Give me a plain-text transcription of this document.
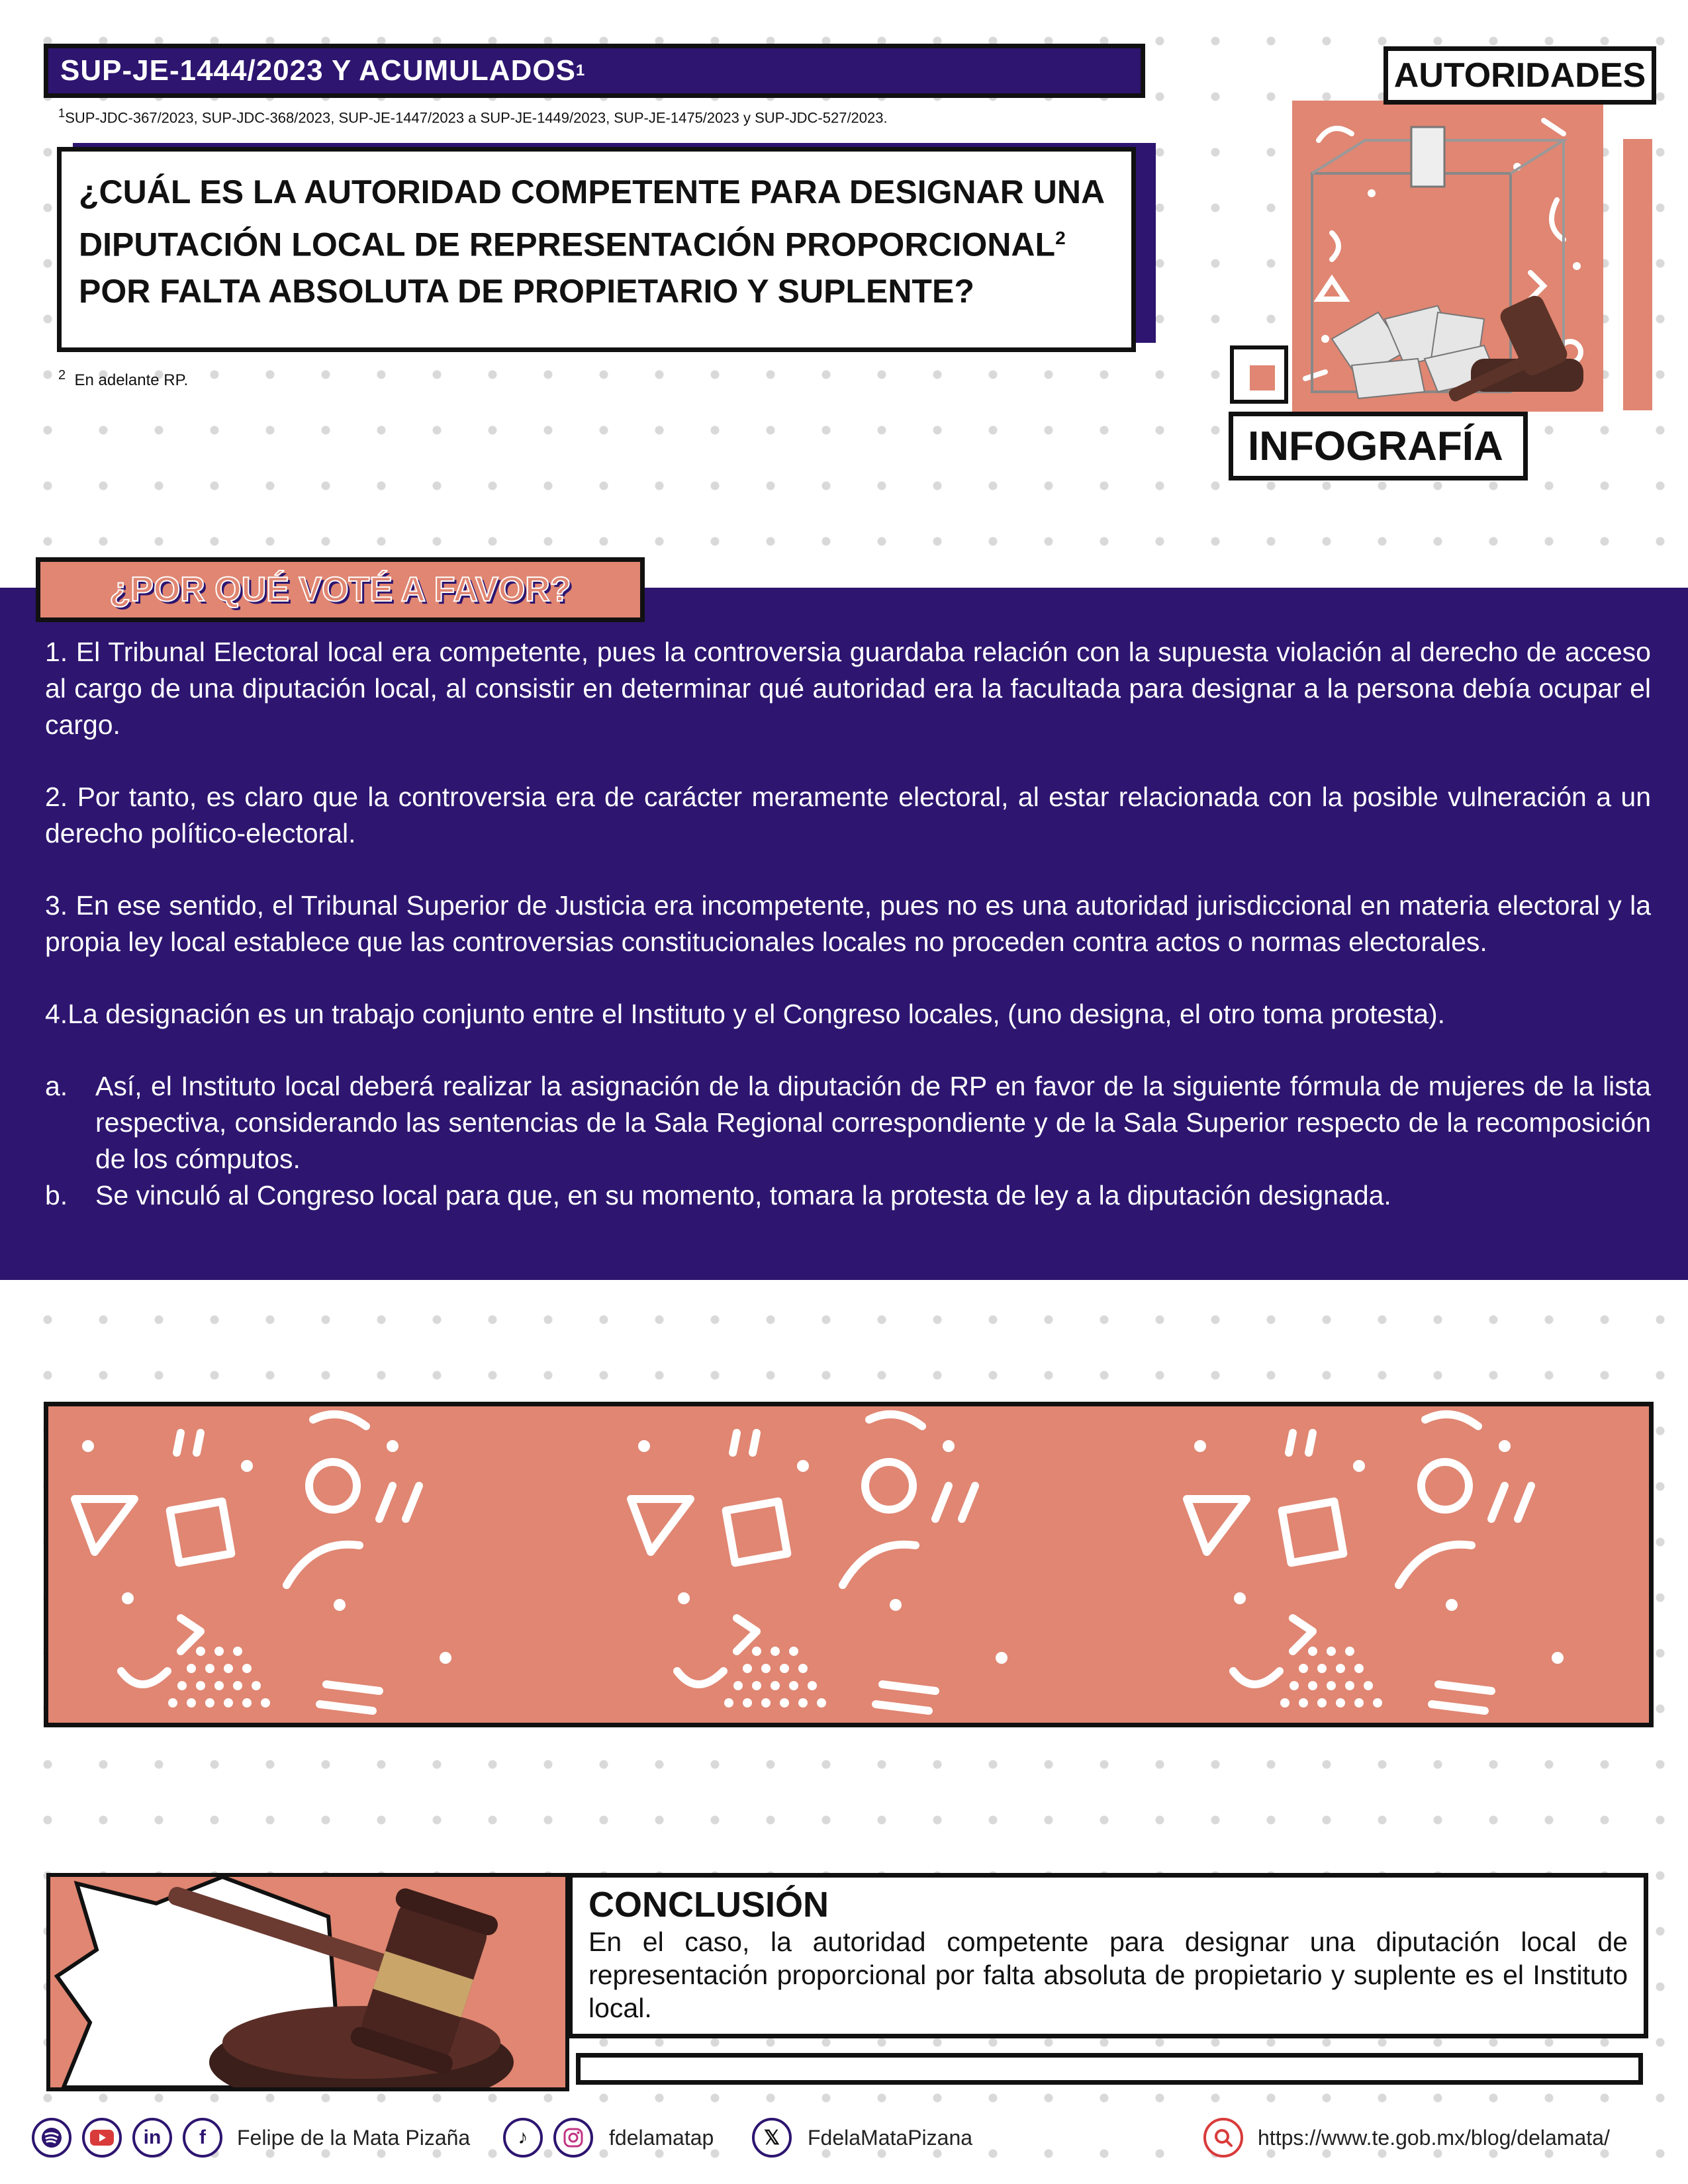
SUP-JE-1444/2023 Y ACUMULADOS 1
$^1$SUP-JDC-367/2023, SUP-JDC-368/2023, SUP-JE-1447/2023 a SUP-JE-1449/2023, SUP-JE-1475/2023 y SUP-JDC-527/2023.
¿CUÁL ES LA AUTORIDAD COMPETENTE PARA DESIGNAR UNA DIPUTACIÓN LOCAL DE REPRESENTACIÓN PROPORCIONAL$^2$ POR FALTA ABSOLUTA DE PROPIETARIO Y SUPLENTE?
$^2$ En adelante RP.
AUTORIDADES
INFOGRAFÍA
¿POR QUÉ VOTÉ A FAVOR?

1. El Tribunal Electoral local era competente, pues la controversia guardaba relación con la supuesta violación al derecho de acceso al cargo de una diputación local, al consistir en determinar qué autoridad era la facultada para designar a la persona debía ocupar el cargo.

2. Por tanto, es claro que la controversia era de carácter meramente electoral, al estar relacionada con la posible vulneración a un derecho político-electoral.

3. En ese sentido, el Tribunal Superior de Justicia era incompetente, pues no es una autoridad jurisdiccional en materia electoral y la propia ley local establece que las controversias constitucionales locales no proceden contra actos o normas electorales.

4.La designación es un trabajo conjunto entre el Instituto y el Congreso locales, (uno designa, el otro toma protesta).

a. Así, el Instituto local deberá realizar la asignación de la diputación de RP en favor de la siguiente fórmula de mujeres de la lista respectiva, considerando las sentencias de la Sala Regional correspondiente y de la Sala Superior respecto de la recomposición de los cómputos.
b. Se vinculó al Congreso local para que, en su momento, tomara la protesta de ley a la diputación designada.
CONCLUSIÓN
En el caso, la autoridad competente para designar una diputación local de representación proporcional por falta absoluta de propietario y suplente es el Instituto local.
in	f	Felipe de la Mata Pizaña	♪	fdelamatap	𝕏	FdelaMataPizana	https://www.te.gob.mx/blog/delamata/
